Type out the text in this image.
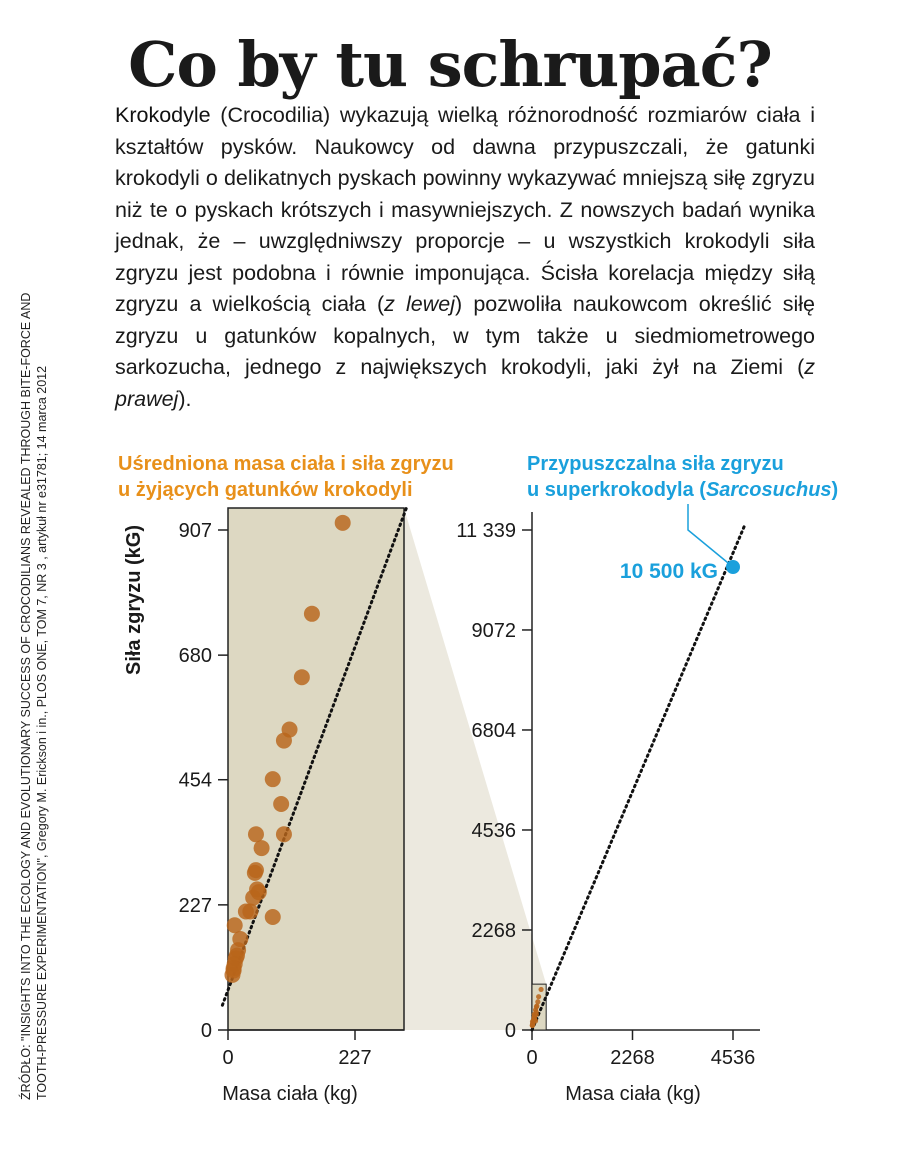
Co by tu schrupać?

Krokodyle (Crocodilia) wykazują wielką różnorodność rozmiarów ciała i kształtów pysków. Naukowcy od dawna przypuszczali, że gatunki krokodyli o delikatnych pyskach powinny wykazywać mniejszą siłę zgryzu niż te o pyskach krótszych i masywniejszych. Z nowszych badań wynika jednak, że – uwzględniwszy proporcje – u wszystkich krokodyli siła zgryzu jest podobna i równie imponująca. Ścisła korelacja między siłą zgryzu a wielkością ciała (z lewej) pozwoliła naukowcom określić siłę zgryzu u gatunków kopalnych, w tym także u siedmiometrowego sarkozucha, jednego z największych krokodyli, jaki żył na Ziemi (z prawej).

ŹRÓDŁO: "INSIGHTS INTO THE ECOLOGY AND EVOLUTIONARY SUCCESS OF CROCODILIANS REVEALED THROUGH BITE-FORCE AND TOOTH-PRESSURE EXPERIMENTATION", Gregory M. Erickson i in., PLOS ONE, TOM 7, NR 3 , artykuł nr e31781; 14 marca 2012	Uśredniona masa ciała i siła zgryzu
u żyjących gatunków krokodyli
0
227
454
680
907
0	227
Masa ciała (kg)
Siła zgryzu (kG)
Przypuszczalna siła zgryzu
u superkrokodyla (Sarcosuchus)
0
2268
4536
6804
9072
11 339
0	2268	4536
Masa ciała (kg)
10 500 kG
